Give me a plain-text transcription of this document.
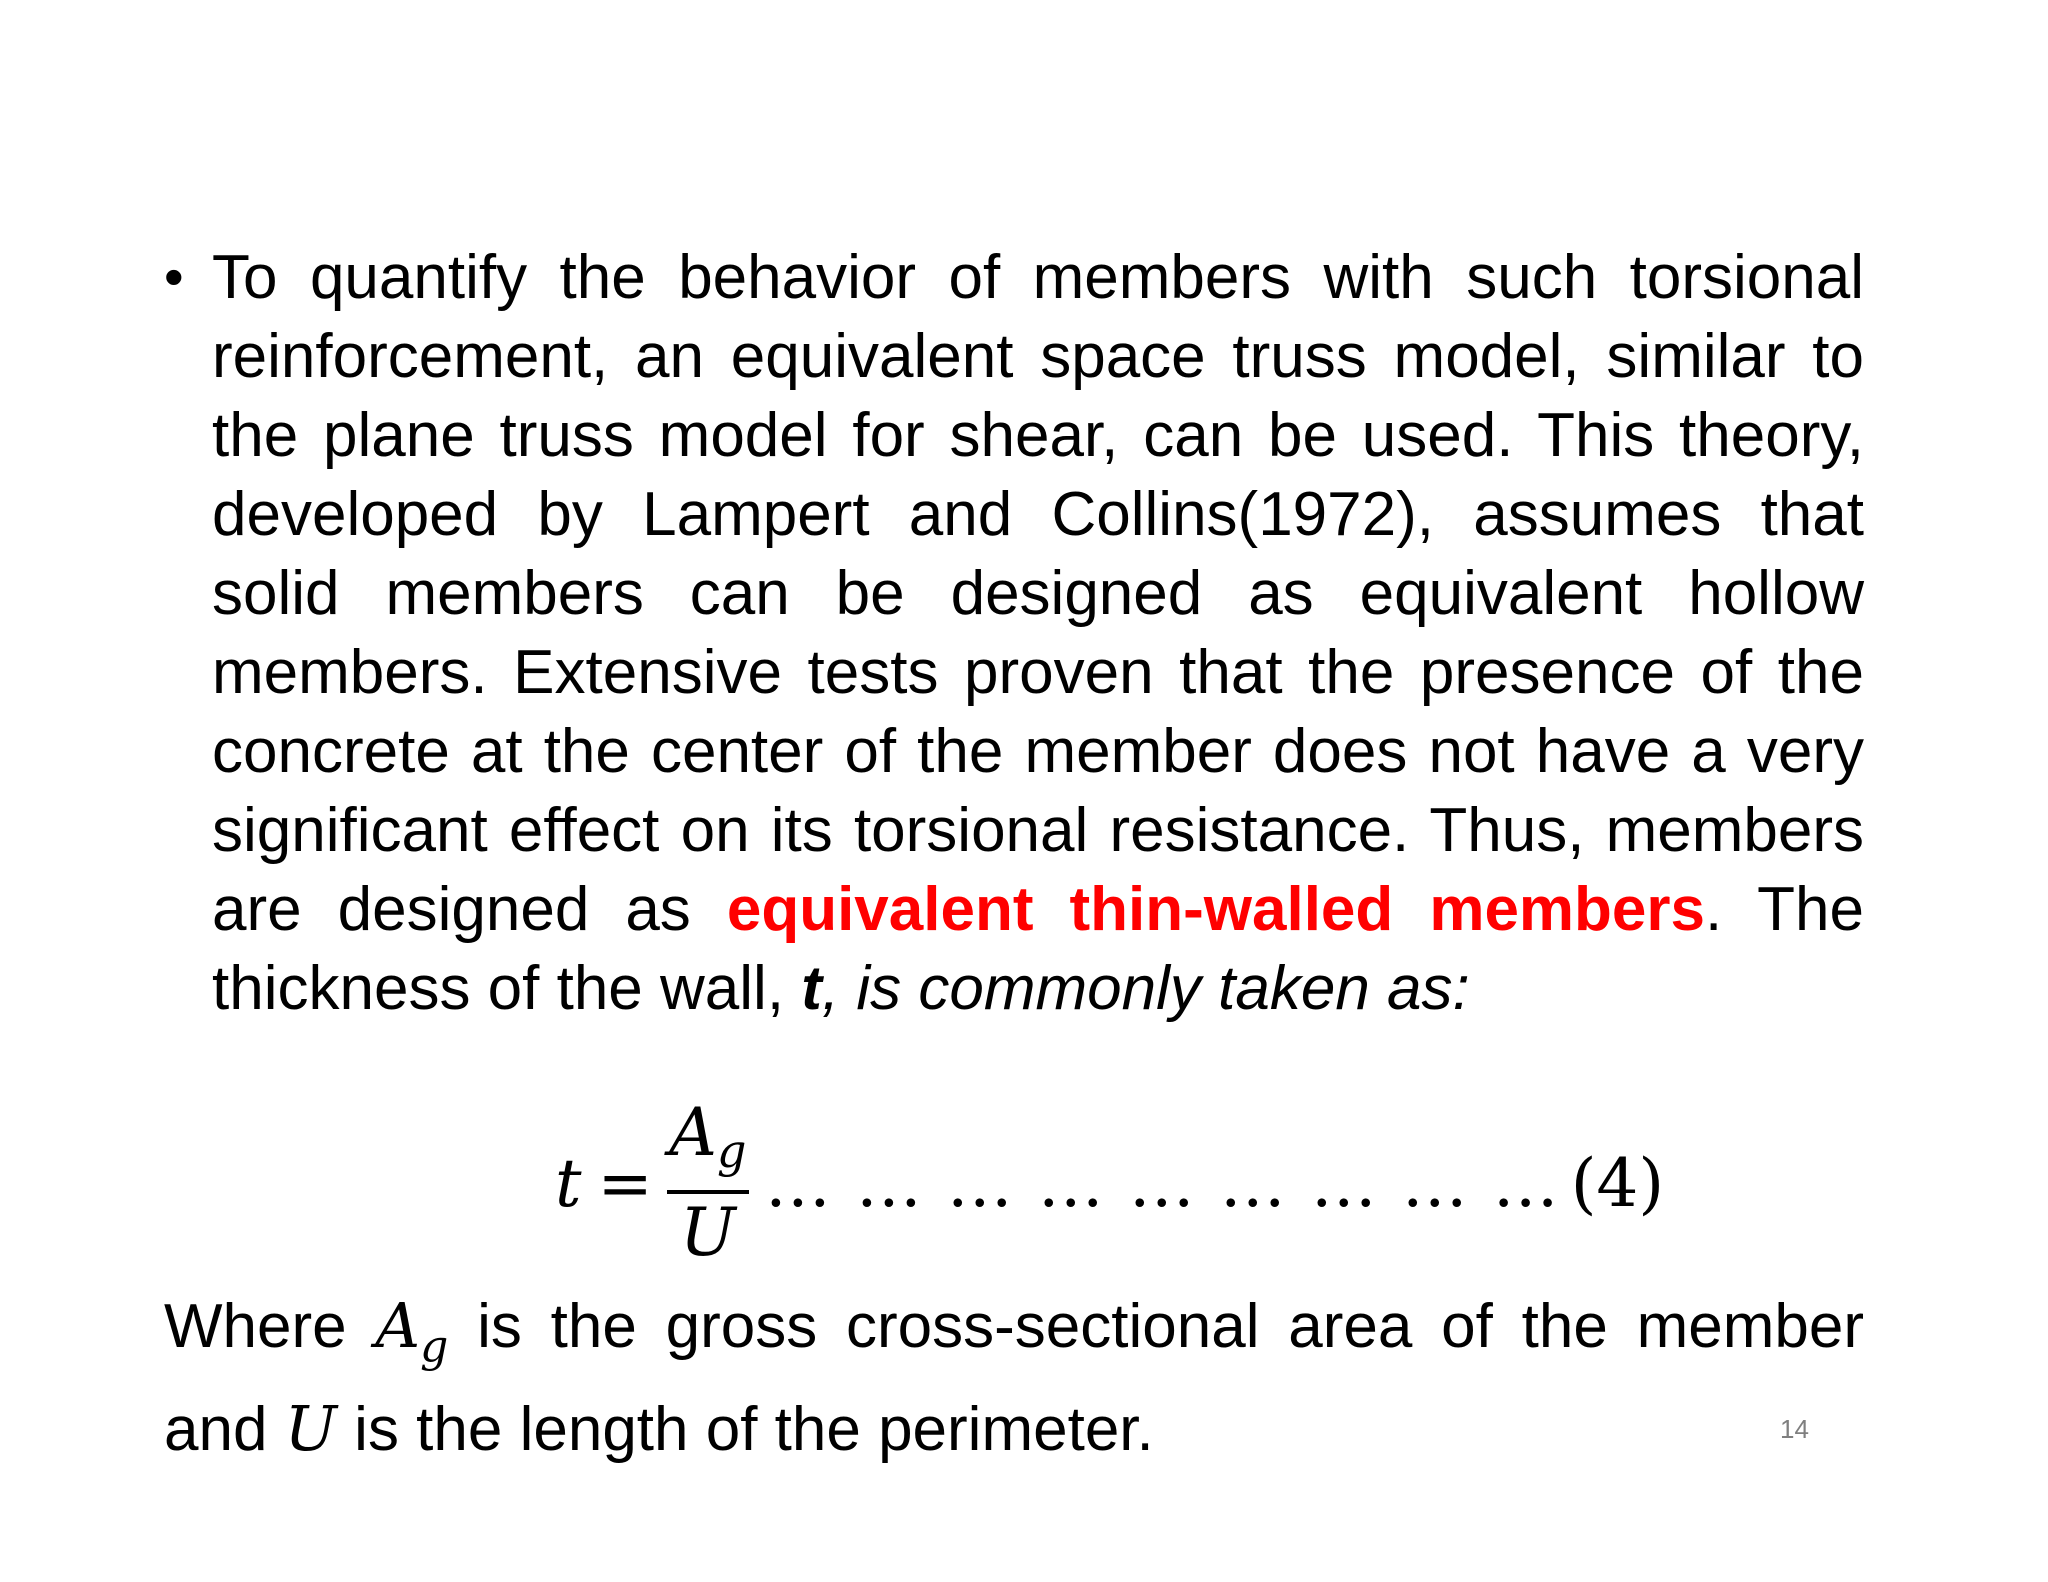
• To quantify the behavior of members with such torsional reinforcement, an equivalent space truss model, similar to the plane truss model for shear, can be used. This theory, developed by Lampert and Collins(1972), assumes that solid members can be designed as equivalent hollow members. Extensive tests proven that the presence of the concrete at the center of the member does not have a very significant effect on its torsional resistance. Thus, members are designed as equivalent thin-walled members. The thickness of the wall, t, is commonly taken as:
$t = \frac{A_g}{U}$ … … … … … … … … … (4)
Where $A_g$ is the gross cross-sectional area of the member and U is the length of the perimeter.	14
